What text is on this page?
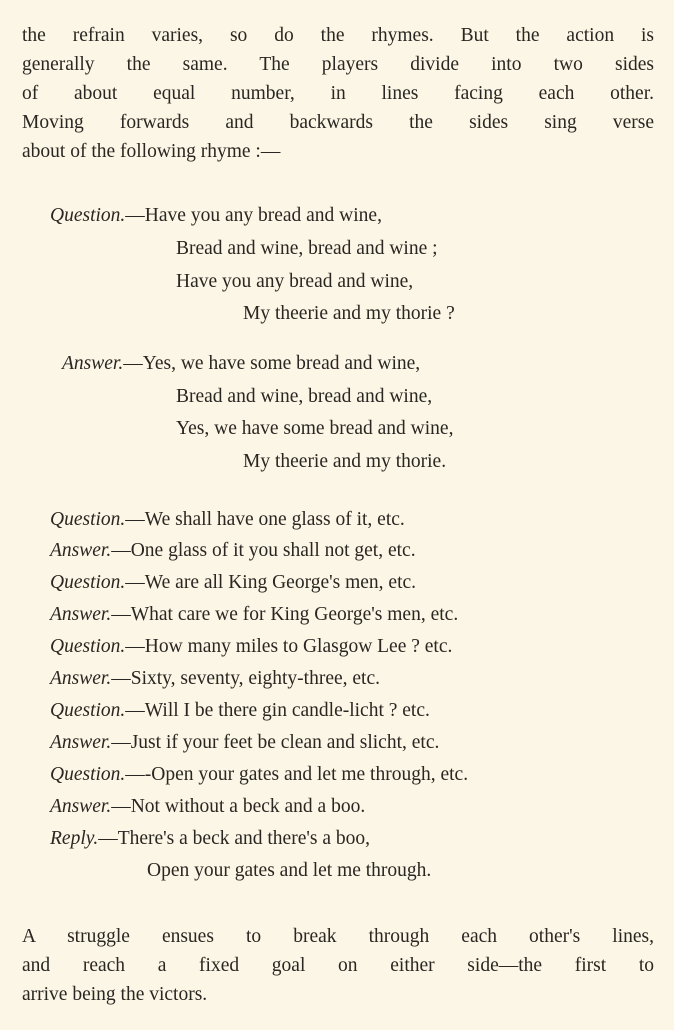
the refrain varies, so do the rhymes. But the action is
generally the same. The players divide into two sides
of about equal number, in lines facing each other.
Moving forwards and backwards the sides sing verse
about of the following rhyme :—
Question.—Have you any bread and wine,
Bread and wine, bread and wine ;
Have you any bread and wine,
My theerie and my thorie ?
Answer.—Yes, we have some bread and wine,
Bread and wine, bread and wine,
Yes, we have some bread and wine,
My theerie and my thorie.
Question.—We shall have one glass of it, etc.
Answer.—One glass of it you shall not get, etc.
Question.—We are all King George's men, etc.
Answer.—What care we for King George's men, etc.
Question.—How many miles to Glasgow Lee ? etc.
Answer.—Sixty, seventy, eighty-three, etc.
Question.—Will I be there gin candle-licht ? etc.
Answer.—Just if your feet be clean and slicht, etc.
Question.—-Open your gates and let me through, etc.
Answer.—Not without a beck and a boo.
Reply.—There's a beck and there's a boo,
Open your gates and let me through.
A struggle ensues to break through each other's lines,
and reach a fixed goal on either side—the first to
arrive being the victors.
